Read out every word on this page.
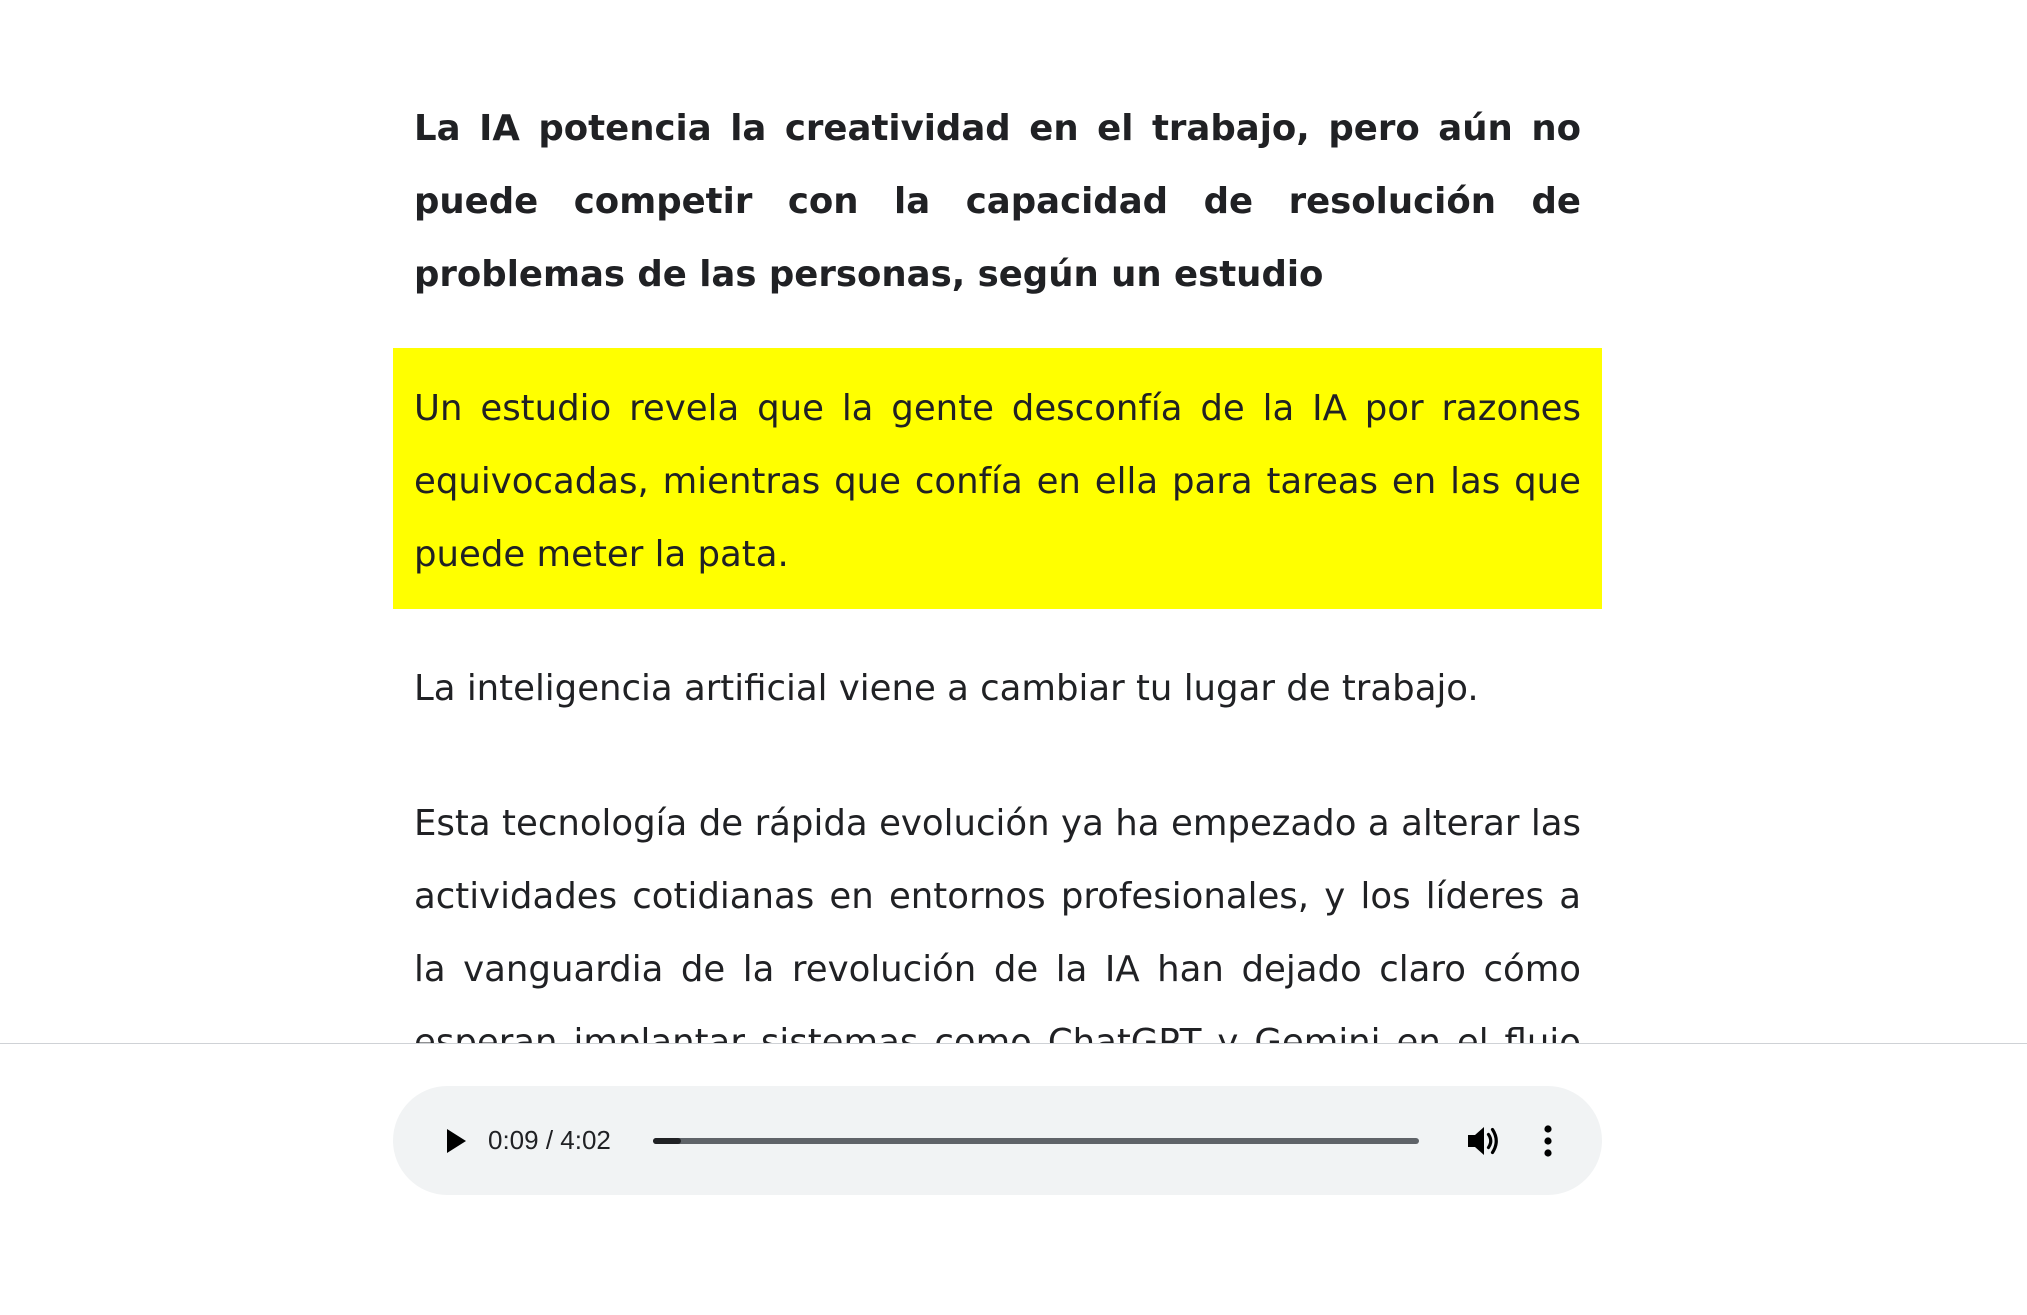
La IA potencia la creatividad en el trabajo, pero aún no puede competir con la capacidad de resolución de problemas de las personas, según un estudio

Un estudio revela que la gente desconfía de la IA por razones equivocadas, mientras que confía en ella para tareas en las que puede meter la pata.

La inteligencia artificial viene a cambiar tu lugar de trabajo.

Esta tecnología de rápida evolución ya ha empezado a alterar las actividades cotidianas en entornos profesionales, y los líderes a la vanguardia de la revolución de la IA han dejado claro cómo

0:09 / 4:02
